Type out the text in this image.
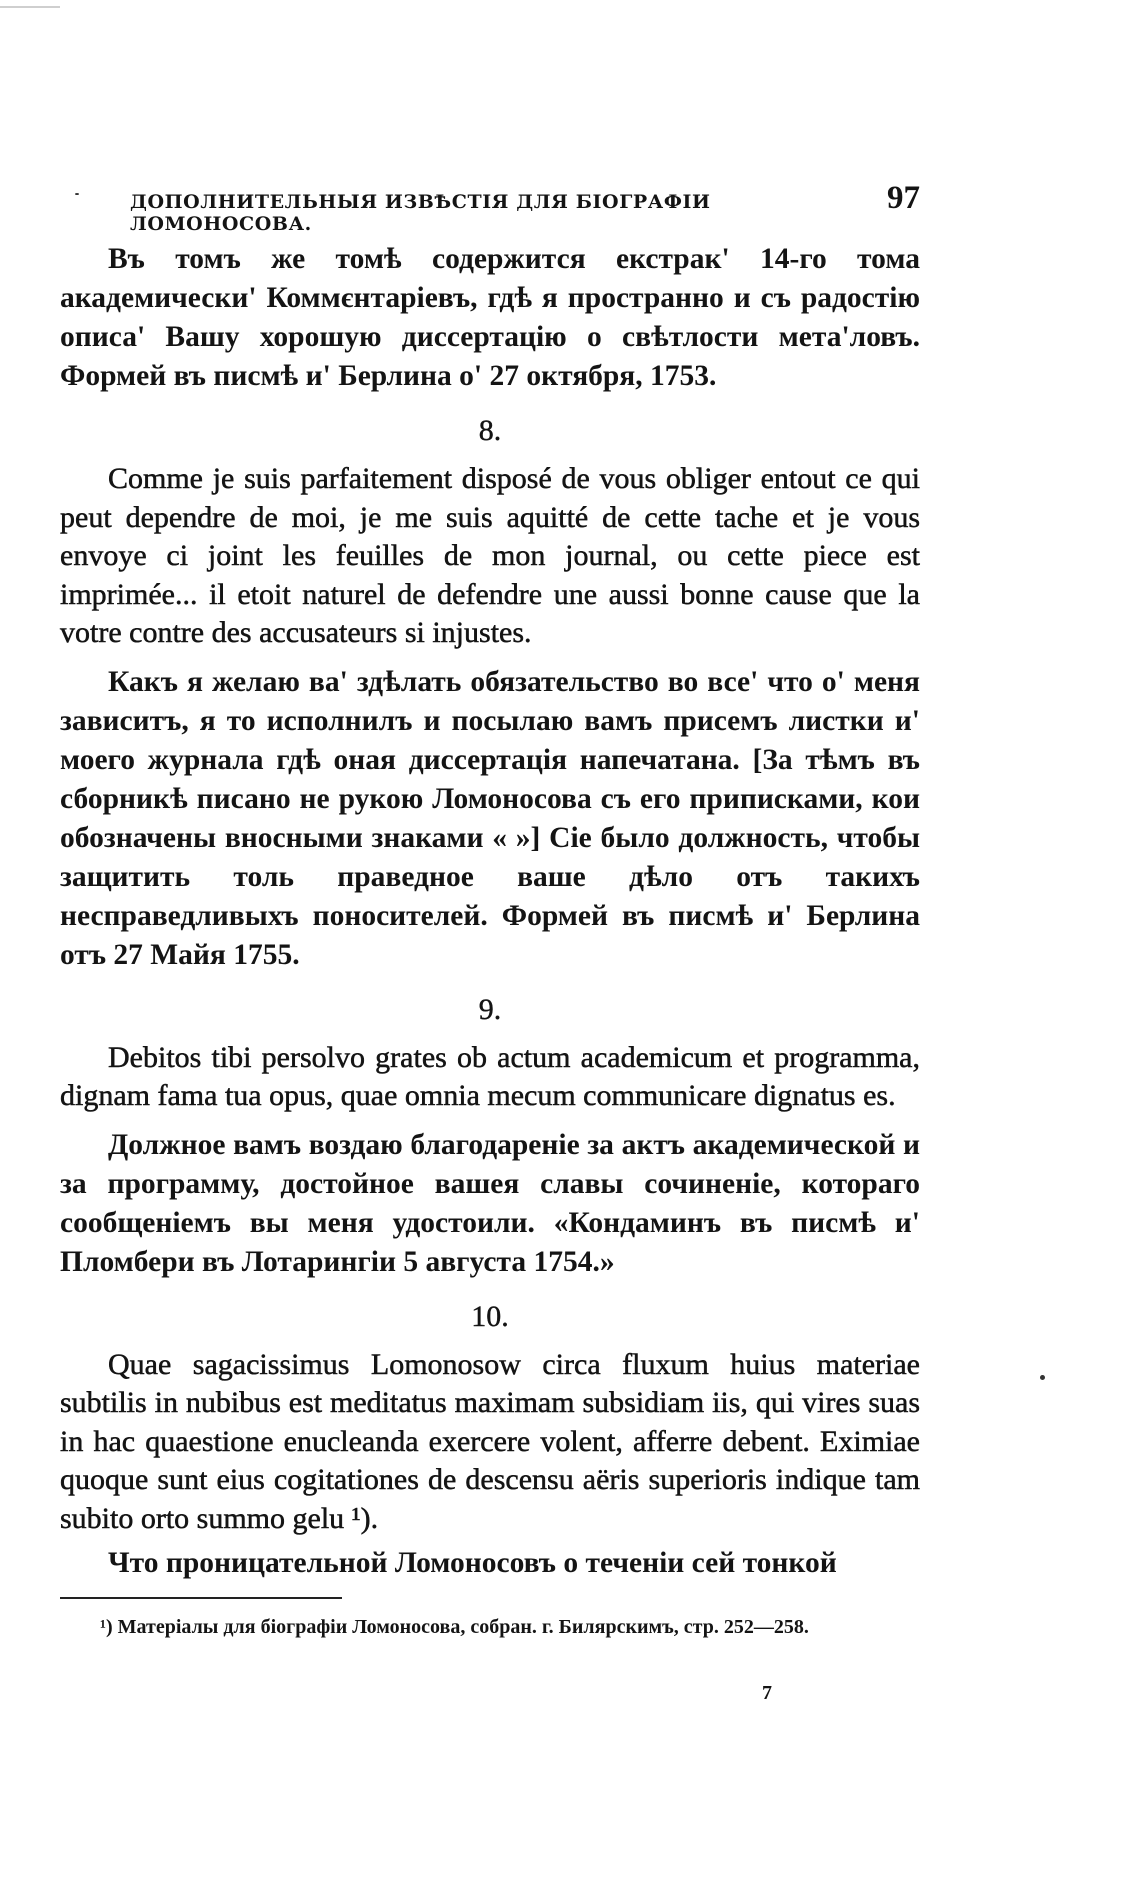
ДОПОЛНИТЕЛЬНЫЯ ИЗВѢСТІЯ ДЛЯ БІОГРАФІИ ЛОМОНОСОВА.
97

Въ томъ же томѣ содержится екстрак' 14-го тома академически' Коммєнтаріевъ, гдѣ я пространно и съ радостію описа' Вашу хорошую диссертацію о свѣтлости мета'ловъ. Формей въ писмѣ и' Берлина о' 27 октября, 1753.

8.

Comme je suis parfaitement disposé de vous obliger entout ce qui peut dependre de moi, je me suis aquitté de cette tache et je vous envoye ci joint les feuilles de mon journal, ou cette piece est imprimée... il etoit naturel de defendre une aussi bonne cause que la votre contre des accusateurs si injustes.

Какъ я желаю ва' здѣлать обязательство во все' что о' меня зависитъ, я то исполнилъ и посылаю вамъ присемъ листки и' моего журнала гдѣ оная диссертація напечатана. [За тѣмъ въ сборникѣ писано не рукою Ломоносова съ его приписками, кои обозначены вносными знаками « »] Сіе было должность, чтобы защитить толь праведное ваше дѣло отъ такихъ несправедливыхъ поносителей. Формей въ писмѣ и' Берлина отъ 27 Майя 1755.

9.

Debitos tibi persolvo grates ob actum academicum et programma, dignam fama tua opus, quae omnia mecum communicare dignatus es.

Должное вамъ воздаю благодареніе за актъ академической и за программу, достойное вашея славы сочиненіе, котораго сообщеніемъ вы меня удостоили. «Кондаминъ въ писмѣ и' Пломбери въ Лотарингіи 5 августа 1754.»

10.

Quae sagacissimus Lomonosow circa fluxum huius materiae subtilis in nubibus est meditatus maximam subsidiam iis, qui vires suas in hac quaestione enucleanda exercere volent, afferre debent. Eximiae quoque sunt eius cogitationes de descensu aëris superioris indique tam subito orto summo gelu ¹).

Что проницательной Ломоносовъ о теченіи сей тонкой

¹) Матеріалы для біографіи Ломоносова, собран. г. Билярскимъ, стр. 252—258.
7
